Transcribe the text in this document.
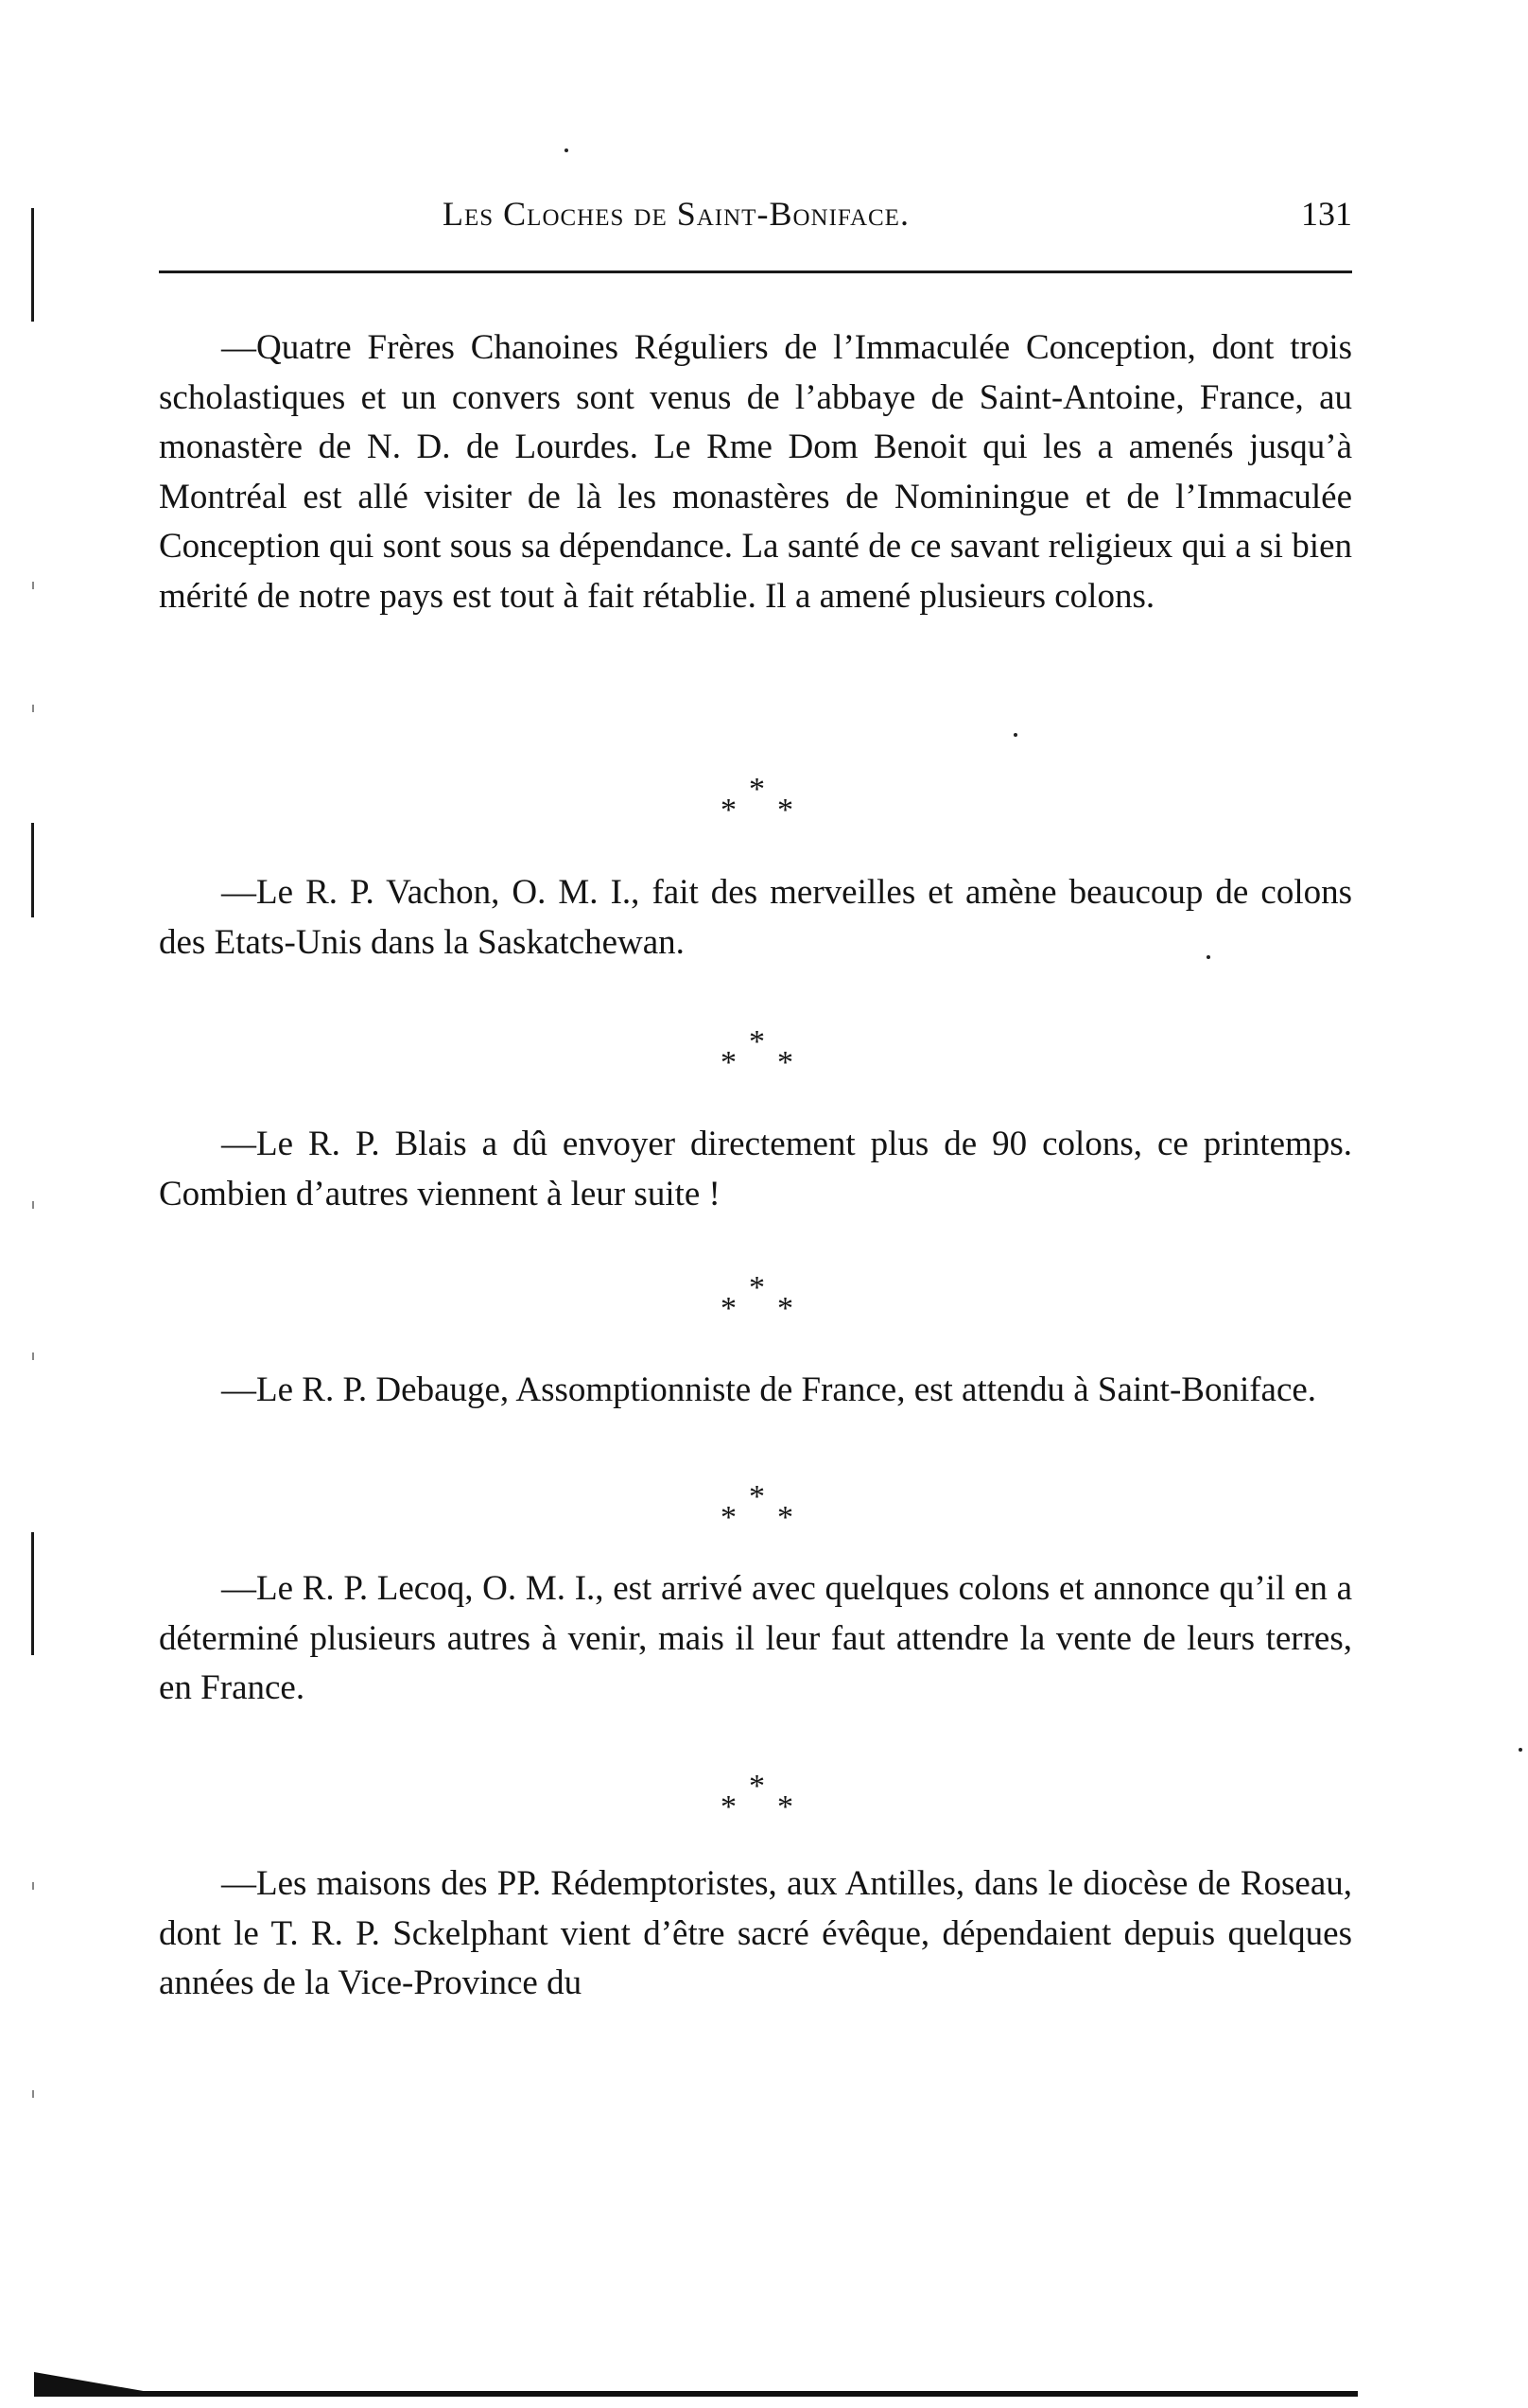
Les Cloches de Saint-Boniface.	131

—Quatre Frères Chanoines Réguliers de l’Immaculée Conception, dont trois scholastiques et un convers sont venus de l’abbaye de Saint-Antoine, France, au monastère de N. D. de Lourdes. Le Rme Dom Benoit qui les a amenés jusqu’à Montréal est allé visiter de là les monastères de Nominingue et de l’Immaculée Conception qui sont sous sa dépendance. La santé de ce savant religieux qui a si bien mérité de notre pays est tout à fait rétablie. Il a amené plusieurs colons.

*
* *

—Le R. P. Vachon, O. M. I., fait des merveilles et amène beaucoup de colons des Etats-Unis dans la Saskatchewan.

*
* *

—Le R. P. Blais a dû envoyer directement plus de 90 colons, ce printemps. Combien d’autres viennent à leur suite !

*
* *

—Le R. P. Debauge, Assomptionniste de France, est attendu à Saint-Boniface.

*
* *

—Le R. P. Lecoq, O. M. I., est arrivé avec quelques colons et annonce qu’il en a déterminé plusieurs autres à venir, mais il leur faut attendre la vente de leurs terres, en France.

*
* *

—Les maisons des PP. Rédemptoristes, aux Antilles, dans le diocèse de Roseau, dont le T. R. P. Sckelphant vient d’être sacré évêque, dépendaient depuis quelques années de la Vice-Province du
